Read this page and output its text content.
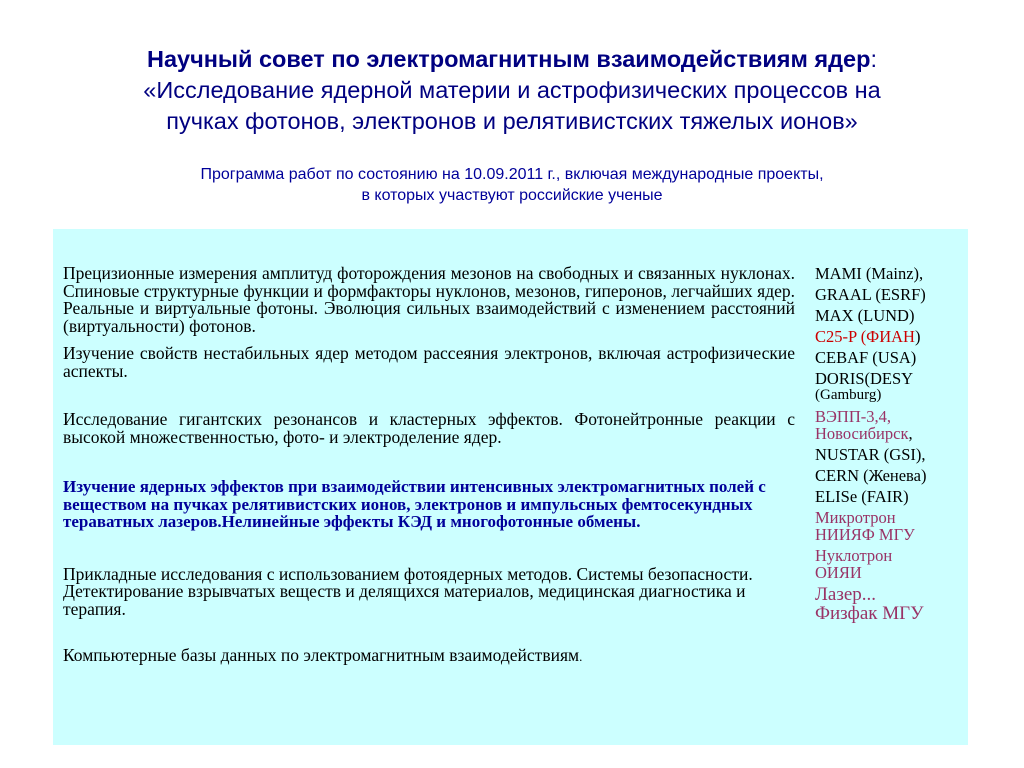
Научный совет по электромагнитным взаимодействиям ядер:
«Исследование ядерной материи и астрофизических процессов на
пучках фотонов, электронов и релятивистских тяжелых ионов»
Программа работ по состоянию на 10.09.2011 г., включая международные проекты,
в которых участвуют российские ученые

Прецизионные измерения амплитуд фоторождения мезонов на свободных и связанных нуклонах. Спиновые структурные функции и формфакторы нуклонов, мезонов, гиперонов, легчайших ядер. Реальные и виртуальные фотоны. Эволюция сильных взаимодействий с изменением расстояний (виртуальности) фотонов.

Изучение свойств нестабильных ядер методом рассеяния электронов, включая астрофизические аспекты.

Исследование гигантских резонансов и кластерных эффектов. Фотонейтронные реакции с высокой множественностью, фото- и электроделение ядер.

Изучение ядерных эффектов при взаимодействии интенсивных электромагнитных полей с веществом на пучках релятивистских ионов, электронов и импульсных фемтосекундных тераватных лазеров.Нелинейные эффекты КЭД и многофотонные обмены.

Прикладные исследования с использованием фотоядерных методов. Системы безопасности. Детектирование взрывчатых веществ и делящихся материалов, медицинская диагностика и терапия.

Компьютерные базы данных по электромагнитным взаимодействиям.

MAMI (Mainz),
GRAAL (ESRF)
MAX (LUND)
C25-P (ФИАН)
CEBAF (USA)
DORIS(DESY
(Gamburg)
ВЭПП-3,4,
Новосибирск,
NUSTAR (GSI),
CERN (Женева)
ELISe (FAIR)
Микротрон
НИИЯФ МГУ
Нуклотрон
ОИЯИ
Лазер...
Физфак МГУ
